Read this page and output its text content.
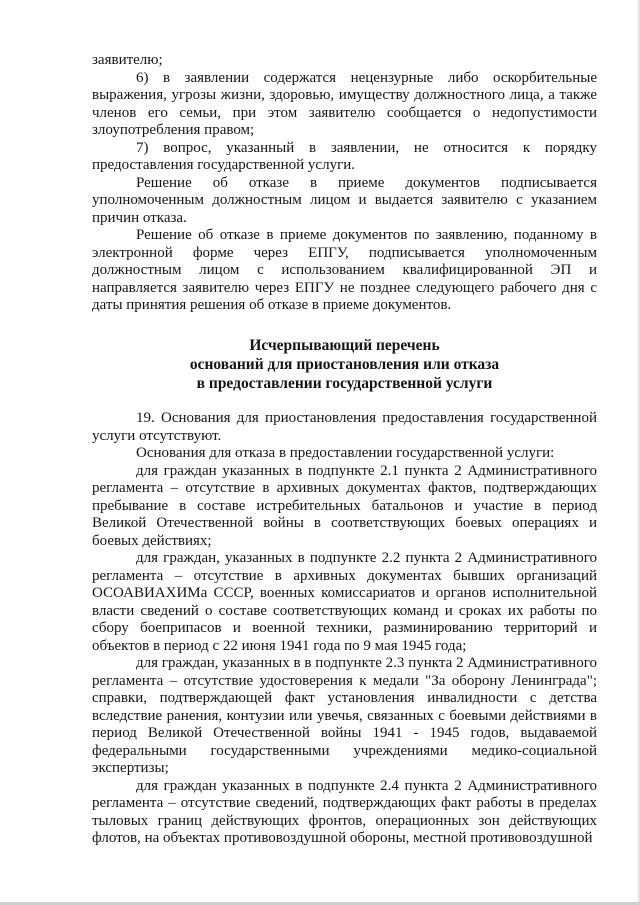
заявителю;

6) в заявлении содержатся нецензурные либо оскорбительные выражения, угрозы жизни, здоровью, имуществу должностного лица, а также членов его семьи, при этом заявителю сообщается о недопустимости злоупотребления правом;

7) вопрос, указанный в заявлении, не относится к порядку предоставления государственной услуги.

Решение об отказе в приеме документов подписывается уполномоченным должностным лицом и выдается заявителю с указанием причин отказа.

Решение об отказе в приеме документов по заявлению, поданному в электронной форме через ЕПГУ, подписывается уполномоченным должностным лицом с использованием квалифицированной ЭП и направляется заявителю через ЕПГУ не позднее следующего рабочего дня с даты принятия решения об отказе в приеме документов.

Исчерпывающий перечень
оснований для приостановления или отказа
в предоставлении государственной услуги

19. Основания для приостановления предоставления государственной услуги отсутствуют.

Основания для отказа в предоставлении государственной услуги:

для граждан указанных в подпункте 2.1 пункта 2 Административного регламента – отсутствие в архивных документах фактов, подтверждающих пребывание в составе истребительных батальонов и участие в период Великой Отечественной войны в соответствующих боевых операциях и боевых действиях;

для граждан, указанных в подпункте 2.2 пункта 2 Административного регламента – отсутствие в архивных документах бывших организаций ОСОАВИАХИМа СССР, военных комиссариатов и органов исполнительной власти сведений о составе соответствующих команд и сроках их работы по сбору боеприпасов и военной техники, разминированию территорий и объектов в период с 22 июня 1941 года по 9 мая 1945 года;

для граждан, указанных в в подпункте 2.3 пункта 2 Административного регламента – отсутствие удостоверения к медали "За оборону Ленинграда"; справки, подтверждающей факт установления инвалидности с детства вследствие ранения, контузии или увечья, связанных с боевыми действиями в период Великой Отечественной войны 1941 - 1945 годов, выдаваемой федеральными государственными учреждениями медико-социальной экспертизы;

для граждан указанных в подпункте 2.4 пункта 2 Административного регламента – отсутствие сведений, подтверждающих факт работы в пределах тыловых границ действующих фронтов, операционных зон действующих флотов, на объектах противовоздушной обороны, местной противовоздушной
